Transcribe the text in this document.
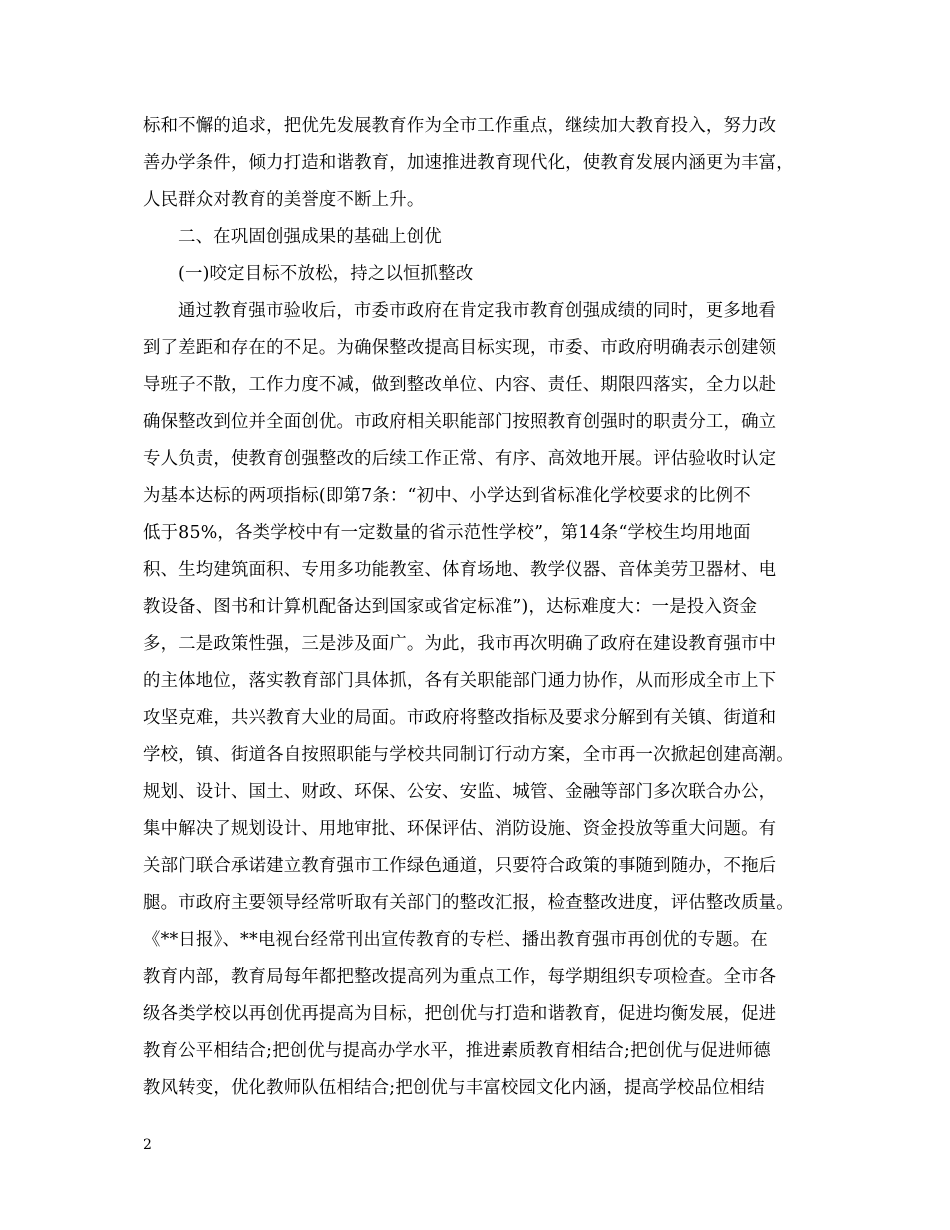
标和不懈的追求，把优先发展教育作为全市工作重点，继续加大教育投入，努力改
善办学条件，倾力打造和谐教育，加速推进教育现代化，使教育发展内涵更为丰富，
人民群众对教育的美誉度不断上升。
二、在巩固创强成果的基础上创优
(一)咬定目标不放松，持之以恒抓整改
通过教育强市验收后，市委市政府在肯定我市教育创强成绩的同时，更多地看
到了差距和存在的不足。为确保整改提高目标实现，市委、市政府明确表示创建领
导班子不散，工作力度不减，做到整改单位、内容、责任、期限四落实，全力以赴
确保整改到位并全面创优。市政府相关职能部门按照教育创强时的职责分工，确立
专人负责，使教育创强整改的后续工作正常、有序、高效地开展。评估验收时认定
为基本达标的两项指标(即第7条：“初中、小学达到省标准化学校要求的比例不
低于85%，各类学校中有一定数量的省示范性学校”，第14条“学校生均用地面
积、生均建筑面积、专用多功能教室、体育场地、教学仪器、音体美劳卫器材、电
教设备、图书和计算机配备达到国家或省定标准”)，达标难度大：一是投入资金
多，二是政策性强，三是涉及面广。为此，我市再次明确了政府在建设教育强市中
的主体地位，落实教育部门具体抓，各有关职能部门通力协作，从而形成全市上下
攻坚克难，共兴教育大业的局面。市政府将整改指标及要求分解到有关镇、街道和
学校，镇、街道各自按照职能与学校共同制订行动方案，全市再一次掀起创建高潮。
规划、设计、国土、财政、环保、公安、安监、城管、金融等部门多次联合办公，
集中解决了规划设计、用地审批、环保评估、消防设施、资金投放等重大问题。有
关部门联合承诺建立教育强市工作绿色通道，只要符合政策的事随到随办，不拖后
腿。市政府主要领导经常听取有关部门的整改汇报，检查整改进度，评估整改质量。
《**日报》、**电视台经常刊出宣传教育的专栏、播出教育强市再创优的专题。在
教育内部，教育局每年都把整改提高列为重点工作，每学期组织专项检查。全市各
级各类学校以再创优再提高为目标，把创优与打造和谐教育，促进均衡发展，促进
教育公平相结合;把创优与提高办学水平，推进素质教育相结合;把创优与促进师德
教风转变，优化教师队伍相结合;把创优与丰富校园文化内涵，提高学校品位相结
2
